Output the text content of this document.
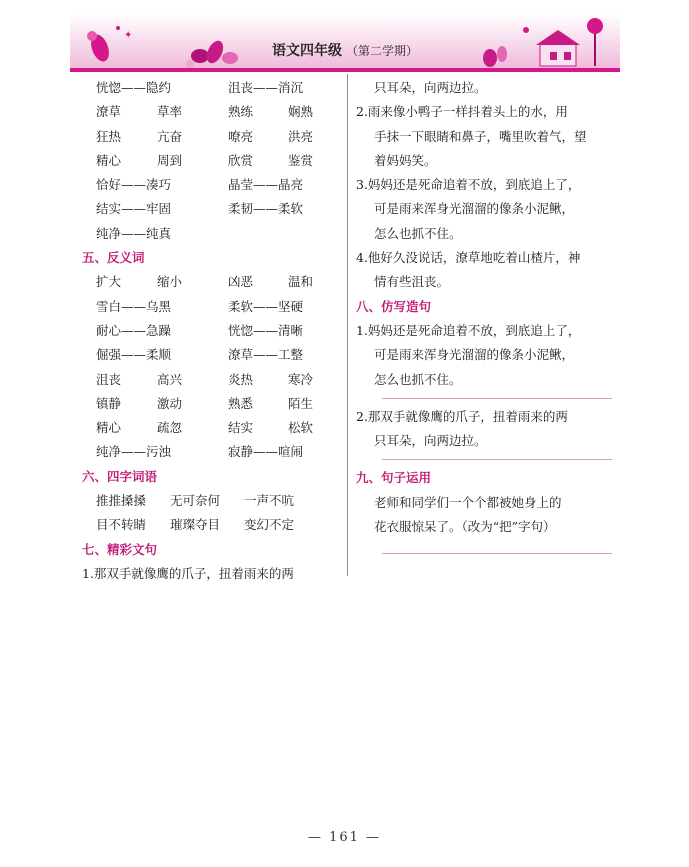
✦
语文四年级 （第二学期）
恍惚——隐约	沮丧——消沉
潦草	草率	熟练	娴熟
狂热	亢奋	嘹亮	洪亮
精心	周到	欣赏	鉴赏
恰好——凑巧	晶莹——晶亮
结实——牢固	柔韧——柔软
纯净——纯真
五、反义词
扩大	缩小	凶恶	温和
雪白——乌黑	柔软——坚硬
耐心——急躁	恍惚——清晰
倔强——柔顺	潦草——工整
沮丧	高兴	炎热	寒冷
镇静	激动	熟悉	陌生
精心	疏忽	结实	松软
纯净——污浊	寂静——喧闹
六、四字词语
推推搡搡 无可奈何 一声不吭
目不转睛 璀璨夺目 变幻不定
七、精彩文句
1.那双手就像鹰的爪子，扭着雨来的两
只耳朵，向两边拉。
2.雨来像小鸭子一样抖着头上的水，用
手抹一下眼睛和鼻子，嘴里吹着气，望
着妈妈笑。
3.妈妈还是死命追着不放，到底追上了，
可是雨来浑身光溜溜的像条小泥鳅，
怎么也抓不住。
4.他好久没说话，潦草地吃着山楂片，神
情有些沮丧。
八、仿写造句
1.妈妈还是死命追着不放，到底追上了，
可是雨来浑身光溜溜的像条小泥鳅，
怎么也抓不住。
2.那双手就像鹰的爪子，扭着雨来的两
只耳朵，向两边拉。
九、句子运用
老师和同学们一个个都被她身上的
花衣服惊呆了。（改为“把”字句）
— 161 —
